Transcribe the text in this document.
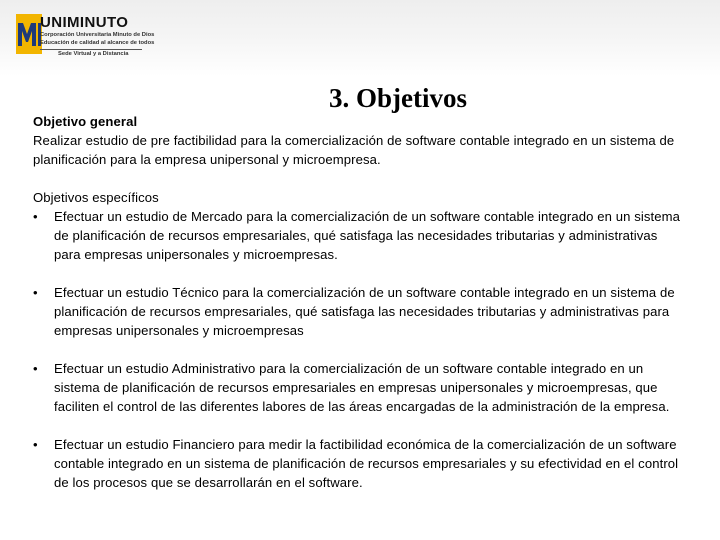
UNIMINUTO
Corporación Universitaria Minuto de Dios
Educación de calidad al alcance de todos
Sede Virtual y a Distancia
3. Objetivos
Objetivo general

Realizar estudio de pre factibilidad para la comercialización de software contable integrado en un sistema de planificación para la empresa unipersonal y microempresa.

Objetivos específicos
•	Efectuar un estudio de Mercado para la comercialización de un software contable integrado en un sistema de planificación de recursos empresariales, qué satisfaga las necesidades tributarias y administrativas para empresas unipersonales y microempresas.
•	Efectuar un estudio Técnico para la comercialización de un software contable integrado en un sistema de planificación de recursos empresariales, qué satisfaga las necesidades tributarias y administrativas para empresas unipersonales y microempresas
•	Efectuar un estudio Administrativo para la comercialización de un software contable integrado en un sistema de planificación de recursos empresariales en empresas unipersonales y microempresas, que faciliten el control de las diferentes labores de las áreas encargadas de la administración de la empresa.
•	Efectuar un estudio Financiero para medir la factibilidad económica de la comercialización de un software contable integrado en un sistema de planificación de recursos empresariales y su efectividad en el control de los procesos que se desarrollarán en el software.
